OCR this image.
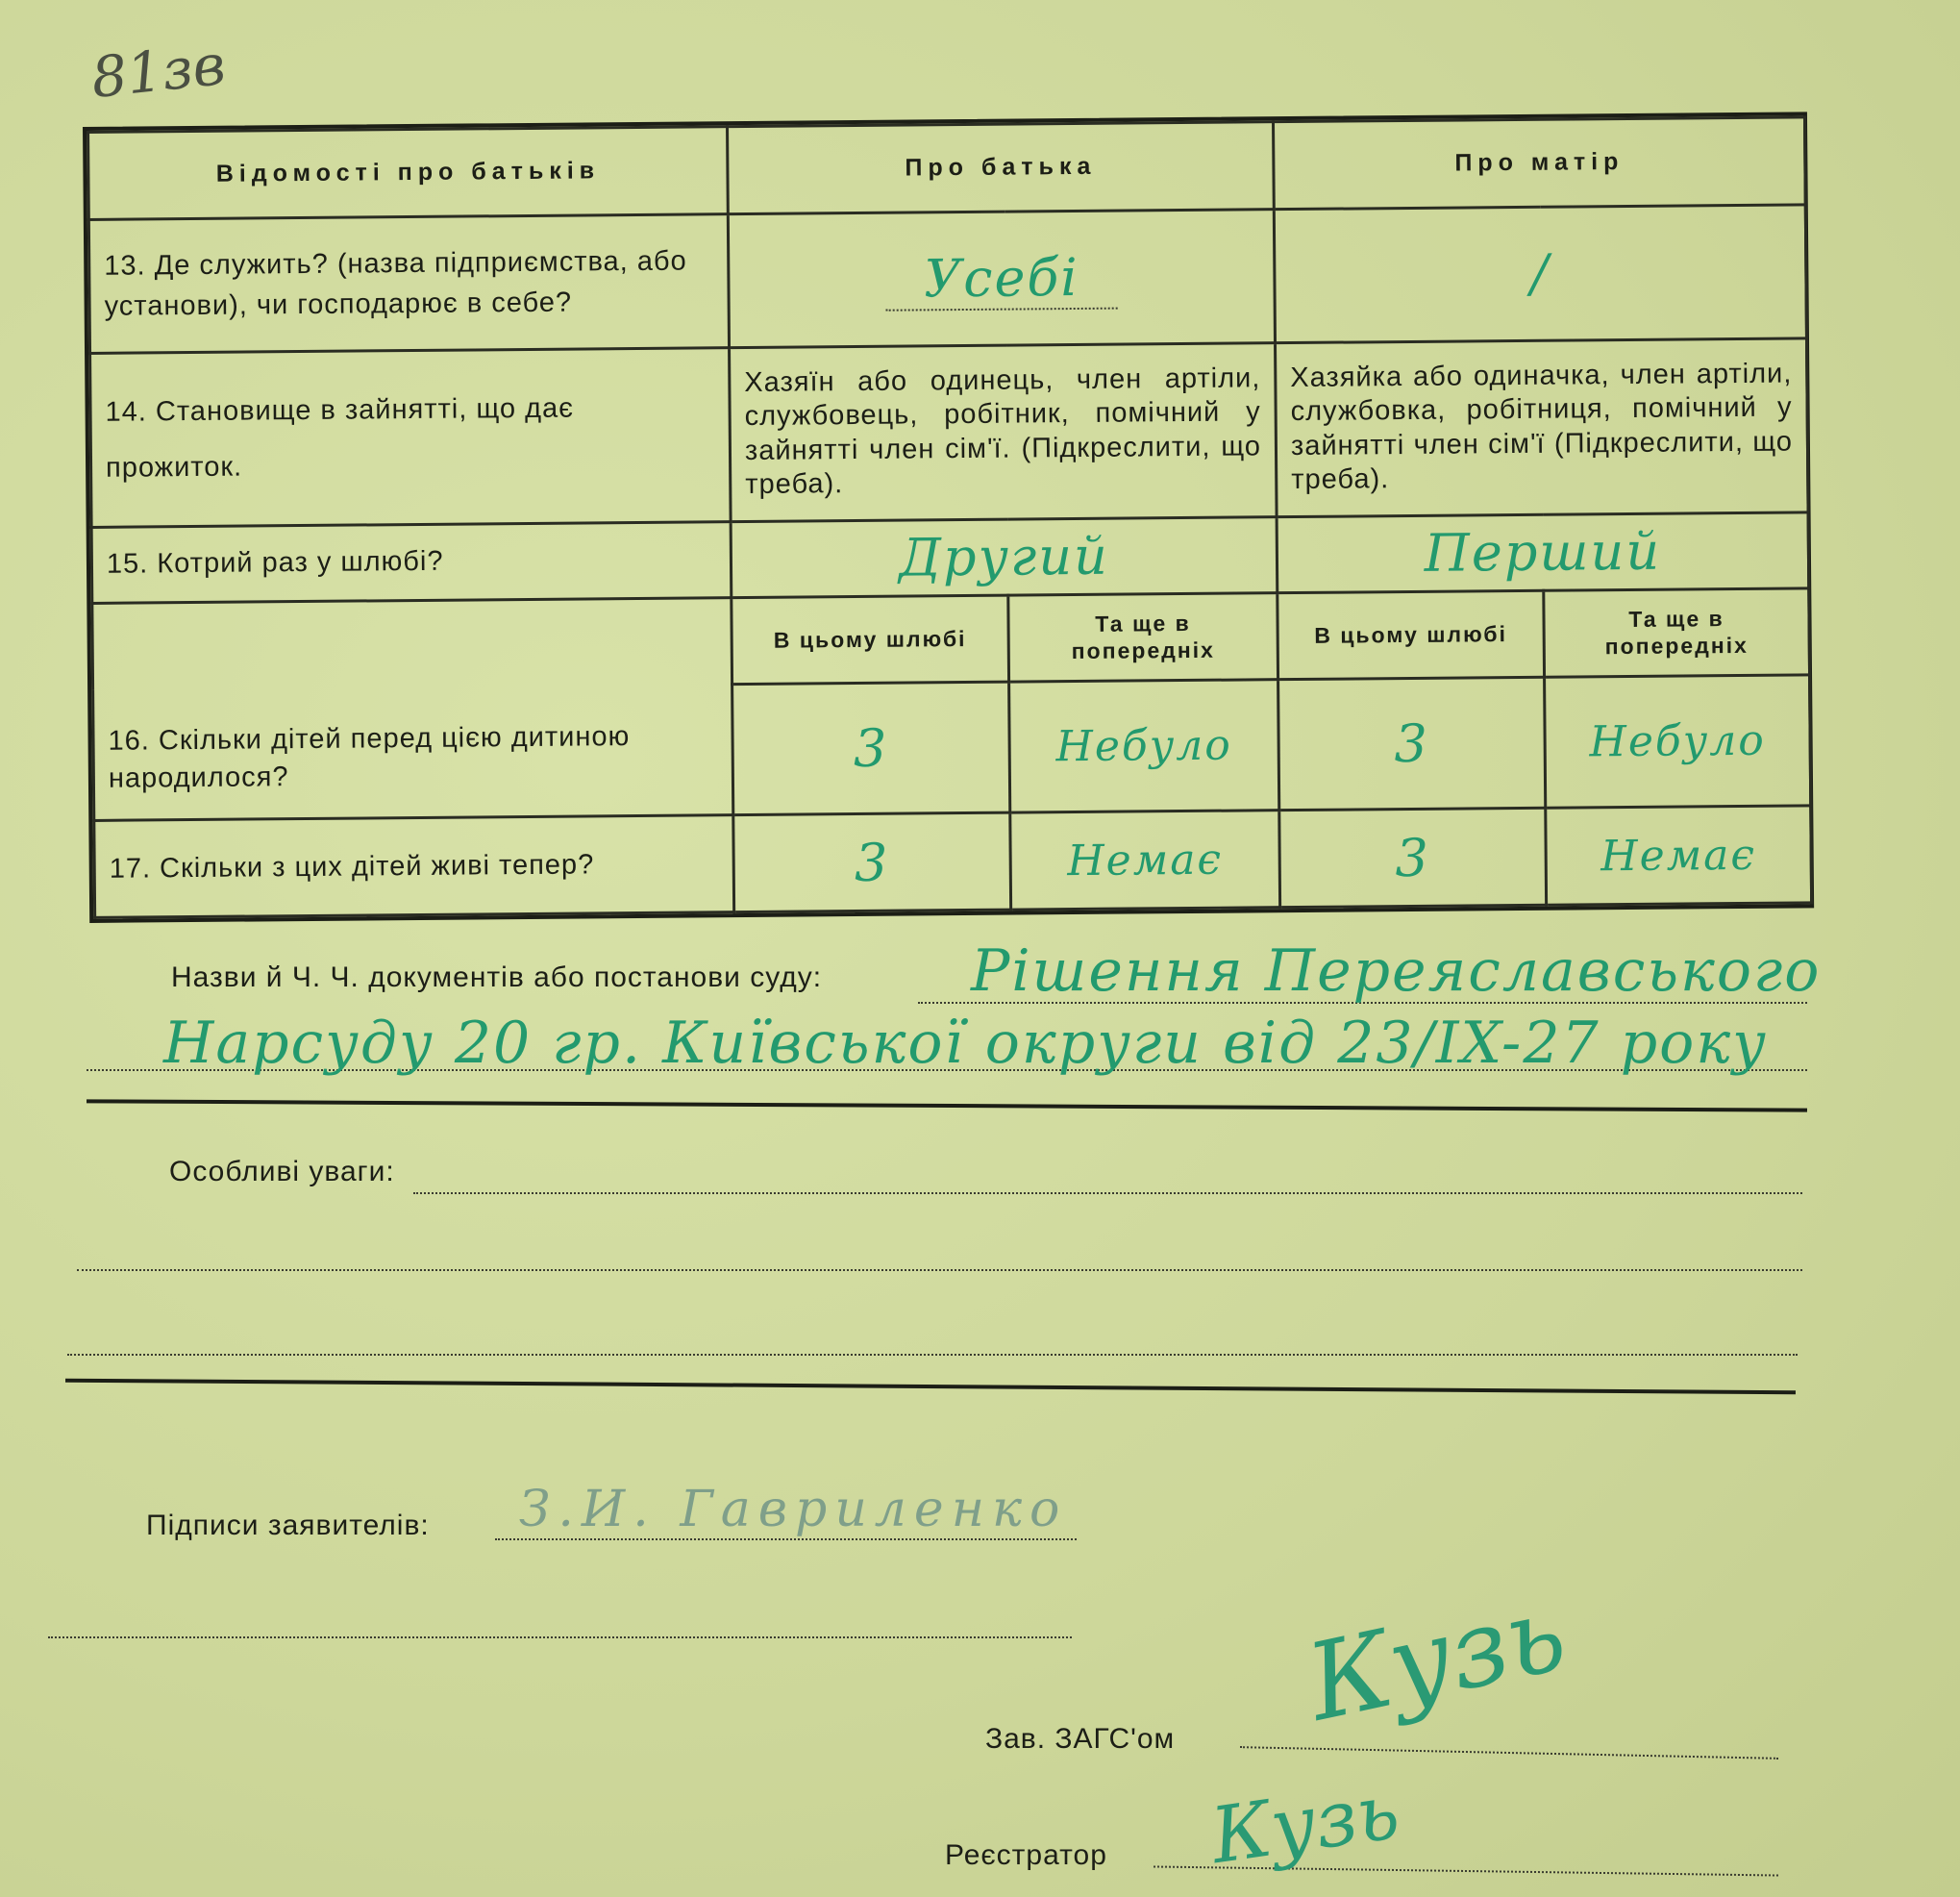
81зв
Відомості про батьків	Про батька		Про матір	
13. Де служить? (назва підприємства, або установи), чи господарює в себе?	Усебі		/	
14. Становище в зайнятті, що дає прожиток.	Хазяїн або одинець, член артіли, службовець, робітник, помічний у зайнятті член сім'ї. (Підкреслити, що треба).		Хазяйка або одиначка, член артіли, службовка, робітниця, помічний у зайнятті член сім'ї (Підкреслити, що треба).	
15. Котрий раз у шлюбі?	Другий		Перший	
16. Скільки дітей перед цією дитиною народилося?	В цьому шлюбі	Та ще в попередніх	В цьому шлюбі	Та ще в попередніх
	3	Небуло	3	Небуло
17. Скільки з цих дітей живі тепер?	3	Немає	3	Немає
Назви й Ч. Ч. документів або постанови суду:	Рішення Переяславського
Нарсуду 20 гр. Київської округи від 23/IX-27 року
Особливі уваги:
Підписи заявителів: З.И. Гавриленко
Зав. ЗАГС'ом Кузь
Реєстратор Кузь
